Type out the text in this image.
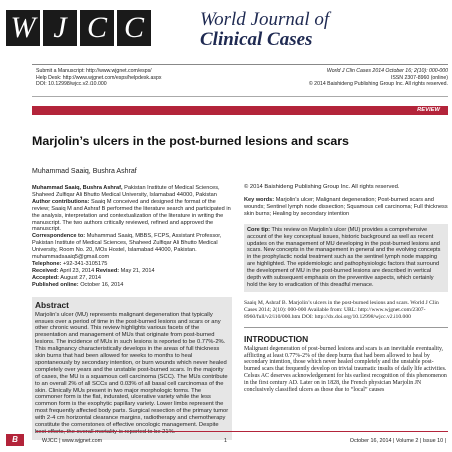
W J C C	World Journal of
Clinical Cases
Submit a Manuscript: http://www.wjgnet.com/esps/
Help Desk: http://www.wjgnet.com/esps/helpdesk.aspx
DOI: 10.12998/wjcc.v2.i10.000
World J Clin Cases 2014 October 16; 2(10): 000-000
ISSN 2307-8960 (online)
© 2014 Baishideng Publishing Group Inc. All rights reserved.
REVIEW
Marjolin’s ulcers in the post-burned lesions and scars
Muhammad Saaiq, Bushra Ashraf

Muhammad Saaiq, Bushra Ashraf, Pakistan Institute of Medical Sciences, Shaheed Zulfiqar Ali Bhutto Medical University, Islamabad 44000, Pakistan

Author contributions: Saaiq M conceived and designed the format of the review; Saaiq M and Ashraf B performed the literature search and participated in the analysis, interpretation and contextualization of the literature in writing the manuscript. The two authors critically reviewed, refined and approved the manuscript.

Correspondence to: Muhammad Saaiq, MBBS, FCPS, Assistant Professor, Pakistan Institute of Medical Sciences, Shaheed Zulfiqar Ali Bhutto Medical University, Room No. 20, MOs Hostel, Islamabad 44000, Pakistan. muhammadsaaiq5@gmail.com

Telephone: +92-341-3105175

Received: April 23, 2014 Revised: May 21, 2014

Accepted: August 27, 2014

Published online: October 16, 2014

Abstract

Marjolin’s ulcer (MU) represents malignant degeneration that typically ensues over a period of time in the post-burned lesions and scars or any other chronic wound. This review highlights various facets of the presentation and management of MUs that originate from post-burned lesions. The incidence of MUs in such lesions is reported to be 0.77%-2%. This malignancy characteristically develops in the areas of full thickness skin burns that had been allowed for weeks to months to heal spontaneously by secondary intention, or burn wounds which never healed completely over years and the unstable post-burned scars. In the majority of cases, the MU is a squamous cell carcinoma (SCC). The MUs contribute to an overall 2% of all SCCs and 0.03% of all basal cell carcinomas of the skin. Clinically MUs present in two major morphologic forms. The commoner form is the flat, indurated, ulcerative variety while the less common form is the exophytic papillary variety. Lower limbs represent the most frequently affected body parts. Surgical resection of the primary tumor with 2-4 cm horizontal clearance margins, radiotherapy and chemotherapy constitute the cornerstones of effective oncologic management. Despite best efforts, the overall mortality is reported to be 21%.

© 2014 Baishideng Publishing Group Inc. All rights reserved.
Key words: Marjolin’s ulcer; Malignant degeneration; Post-burned scars and wounds; Sentinel lymph node dissection; Squamous cell carcinoma; Full thickness skin burns; Healing by secondary intention
Core tip: This review on Marjolin’s ulcer (MU) provides a comprehensive account of the key conceptual issues, historic background as well as recent updates on the management of MU developing in the post-burned lesions and scars. New concepts in the management in general and the evolving concepts in the prophylactic nodal treatment such as the sentinel lymph node mapping are highlighted. The epidemiologic and pathophysiologic factors that surround the development of MU in the post-burned lesions are described in vertical depth with subsequent emphasis on the preventive aspects, which certainly hold the key to eradication of this dreadful menace.
Saaiq M, Ashraf B. Marjolin’s ulcers in the post-burned lesions and scars. World J Clin Cases 2014; 2(10): 000-000 Available from: URL: http://www.wjgnet.com/2307-8960/full/v2/i10/000.htm DOI: http://dx.doi.org/10.12998/wjcc.v2.i10.000
INTRODUCTION
Malignant degeneration of post-burned lesions and scars is an inevitable eventuality, afflicting at least 0.77%-2% of the deep burns that had been allowed to heal by secondary intention, those which never healed completely and the unstable post-burned scars that frequently develop on trivial traumatic insults of daily life activities. Celsus AC deserves acknowledgement for his earliest recognition of this phenomenon in the first century AD. Later on in 1828, the French physician Marjolin JN conclusively classified ulcers as those due to “local” causes
B	WJCC | www.wjgnet.com	1	October 16, 2014 | Volume 2 | Issue 10 |
